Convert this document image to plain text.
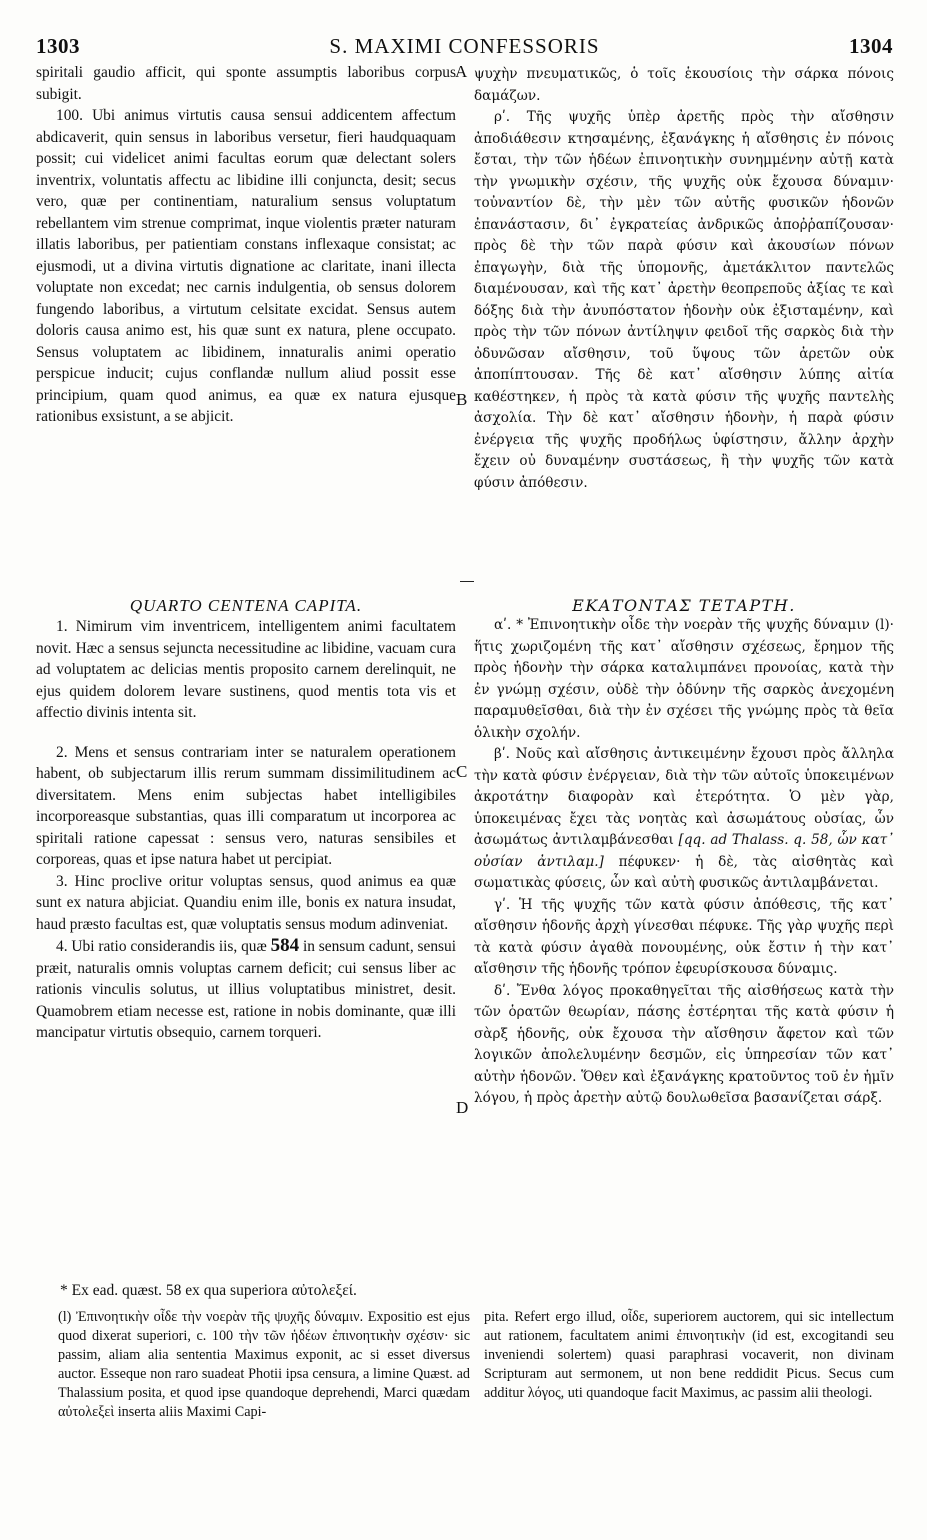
1303	S. MAXIMI CONFESSORIS	1304
A
B
C
D

spiritali gaudio afficit, qui sponte assumptis laboribus corpus subigit.

100. Ubi animus virtutis causa sensui addicentem affectum abdicaverit, quin sensus in laboribus versetur, fieri haudquaquam possit; cui videlicet animi facultas eorum quæ delectant solers inventrix, voluntatis affectu ac libidine illi conjuncta, desit; secus vero, quæ per continentiam, naturalium sensus voluptatum rebellantem vim strenue comprimat, inque violentis præter naturam illatis laboribus, per patientiam constans inflexaque consistat; ac ejusmodi, ut a divina virtutis dignatione ac claritate, inani illecta voluptate non excedat; nec carnis indulgentia, ob sensus dolorem fungendo laboribus, a virtutum celsitate excidat. Sensus autem doloris causa animo est, his quæ sunt ex natura, plene occupato. Sensus voluptatem ac libidinem, innaturalis animi operatio perspicue inducit; cujus conflandæ nullum aliud possit esse principium, quam quod animus, ea quæ ex natura ejusque rationibus exsistunt, a se abjicit.

ψυχὴν πνευματικῶς, ὁ τοῖς ἑκουσίοις τὴν σάρκα πόνοις δαμάζων.

ρʹ. Τῆς ψυχῆς ὑπὲρ ἀρετῆς πρὸς τὴν αἴσθησιν ἀποδιάθεσιν κτησαμένης, ἐξανάγκης ἡ αἴσθησις ἐν πόνοις ἔσται, τὴν τῶν ἡδέων ἐπινοητικὴν συνημμένην αὐτῇ κατὰ τὴν γνωμικὴν σχέσιν, τῆς ψυχῆς οὐκ ἔχουσα δύναμιν· τοὐναντίον δὲ, τὴν μὲν τῶν αὐτῆς φυσικῶν ἡδονῶν ἐπανάστασιν, δι᾽ ἐγκρατείας ἀνδρικῶς ἀποῤῥαπίζουσαν· πρὸς δὲ τὴν τῶν παρὰ φύσιν καὶ ἀκουσίων πόνων ἐπαγωγὴν, διὰ τῆς ὑπομονῆς, ἀμετάκλιτον παντελῶς διαμένουσαν, καὶ τῆς κατ᾽ ἀρετὴν θεοπρεποῦς ἀξίας τε καὶ δόξης διὰ τὴν ἀνυπόστατον ἡδονὴν οὐκ ἐξισταμένην, καὶ πρὸς τὴν τῶν πόνων ἀντίληψιν φειδοῖ τῆς σαρκὸς διὰ τὴν ὀδυνῶσαν αἴσθησιν, τοῦ ὕψους τῶν ἀρετῶν οὐκ ἀποπίπτουσαν. Τῆς δὲ κατ᾽ αἴσθησιν λύπης αἰτία καθέστηκεν, ἡ πρὸς τὰ κατὰ φύσιν τῆς ψυχῆς παντελὴς ἀσχολία. Τὴν δὲ κατ᾽ αἴσθησιν ἡδονὴν, ἡ παρὰ φύσιν ἐνέργεια τῆς ψυχῆς προδήλως ὑφίστησιν, ἄλλην ἀρχὴν ἔχειν οὐ δυναμένην συστάσεως, ἢ τὴν ψυχῆς τῶν κατὰ φύσιν ἀπόθεσιν.

QUARTO CENTENA CAPITA.

1. Nimirum vim inventricem, intelligentem animi facultatem novit. Hæc a sensus sejuncta necessitudine ac libidine, vacuam cura ad voluptatem ac delicias mentis proposito carnem derelinquit, ne ejus quidem dolorem levare sustinens, quod mentis tota vis et affectio divinis intenta sit.

2. Mens et sensus contrariam inter se naturalem operationem habent, ob subjectarum illis rerum summam dissimilitudinem ac diversitatem. Mens enim subjectas habet intelligibiles incorporeasque substantias, quas illi comparatum ut incorporea ac spiritali ratione capessat : sensus vero, naturas sensibiles et corporeas, quas et ipse natura habet ut percipiat.

3. Hinc proclive oritur voluptas sensus, quod animus ea quæ sunt ex natura abjiciat. Quandiu enim ille, bonis ex natura insudat, haud præsto facultas est, quæ voluptatis sensus modum adinveniat.

4. Ubi ratio considerandis iis, quæ 584 in sensum cadunt, sensui præit, naturalis omnis voluptas carnem deficit; cui sensus liber ac rationis vinculis solutus, ut illius voluptatibus ministret, desit. Quamobrem etiam necesse est, ratione in nobis dominante, quæ illi mancipatur virtutis obsequio, carnem torqueri.

ΕΚΑΤΟΝΤΑΣ ΤΕΤΑΡΤΗ.

αʹ. * Ἐπινοητικὴν οἶδε τὴν νοερὰν τῆς ψυχῆς δύναμιν (l)· ἥτις χωριζομένη τῆς κατ᾽ αἴσθησιν σχέσεως, ἔρημον τῆς πρὸς ἡδονὴν τὴν σάρκα καταλιμπάνει προνοίας, κατὰ τὴν ἐν γνώμῃ σχέσιν, οὐδὲ τὴν ὀδύνην τῆς σαρκὸς ἀνεχομένη παραμυθεῖσθαι, διὰ τὴν ἐν σχέσει τῆς γνώμης πρὸς τὰ θεῖα ὁλικὴν σχολήν.

βʹ. Νοῦς καὶ αἴσθησις ἀντικειμένην ἔχουσι πρὸς ἄλληλα τὴν κατὰ φύσιν ἐνέργειαν, διὰ τὴν τῶν αὐτοῖς ὑποκειμένων ἀκροτάτην διαφορὰν καὶ ἑτερότητα. Ὁ μὲν γὰρ, ὑποκειμένας ἔχει τὰς νοητὰς καὶ ἀσωμάτους οὐσίας, ὧν ἀσωμάτως ἀντιλαμβάνεσθαι [qq. ad Thalass. q. 58, ὧν κατ᾽ οὐσίαν ἀντιλαμ.] πέφυκεν· ἡ δὲ, τὰς αἰσθητὰς καὶ σωματικὰς φύσεις, ὧν καὶ αὐτὴ φυσικῶς ἀντιλαμβάνεται.

γʹ. Ἡ τῆς ψυχῆς τῶν κατὰ φύσιν ἀπόθεσις, τῆς κατ᾽ αἴσθησιν ἡδονῆς ἀρχὴ γίνεσθαι πέφυκε. Τῆς γὰρ ψυχῆς περὶ τὰ κατὰ φύσιν ἀγαθὰ πονουμένης, οὐκ ἔστιν ἡ τὴν κατ᾽ αἴσθησιν τῆς ἡδονῆς τρόπον ἐφευρίσκουσα δύναμις.

δʹ. Ἔνθα λόγος προκαθηγεῖται τῆς αἰσθήσεως κατὰ τὴν τῶν ὁρατῶν θεωρίαν, πάσης ἐστέρηται τῆς κατὰ φύσιν ἡ σὰρξ ἡδονῆς, οὐκ ἔχουσα τὴν αἴσθησιν ἄφετον καὶ τῶν λογικῶν ἀπολελυμένην δεσμῶν, εἰς ὑπηρεσίαν τῶν κατ᾽ αὐτὴν ἡδονῶν. Ὅθεν καὶ ἐξανάγκης κρατοῦντος τοῦ ἐν ἡμῖν λόγου, ἡ πρὸς ἀρετὴν αὐτῷ δουλωθεῖσα βασανίζεται σάρξ.

* Ex ead. quæst. 58 ex qua superiora αὐτολεξεί.

(l) Ἐπινοητικὴν οἶδε τὴν νοερὰν τῆς ψυχῆς δύναμιν. Expositio est ejus quod dixerat superiori, c. 100 τὴν τῶν ἡδέων ἐπινοητικὴν σχέσιν· sic passim, aliam alia sententia Maximus exponit, ac si esset diversus auctor. Esseque non raro suadeat Photii ipsa censura, a limine Quæst. ad Thalassium posita, et quod ipse quandoque deprehendi, Marci quædam αὐτολεξεὶ inserta aliis Maximi Capi-

pita. Refert ergo illud, οἶδε, superiorem auctorem, qui sic intellectum aut rationem, facultatem animi ἐπινοητικὴν (id est, excogitandi seu inveniendi solertem) quasi paraphrasi vocaverit, non divinam Scripturam aut sermonem, ut non bene reddidit Picus. Secus cum additur λόγος, uti quandoque facit Maximus, ac passim alii theologi.
